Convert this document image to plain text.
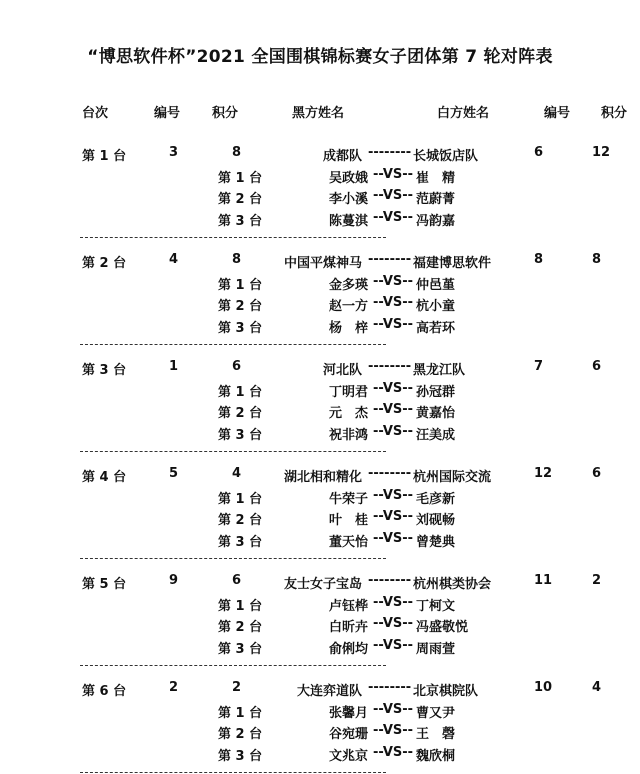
“博思软件杯”2021 全国围棋锦标赛女子团体第 7 轮对阵表
台次	编号 积分	黑方姓名	白方姓名	编号 积分
第 1 台	3	8	成都队 -------- 长城饭店队	6	12
第 1 台	吴政娥 --VS-- 崔　精
第 2 台	李小溪 --VS-- 范蔚菁
第 3 台	陈蔓淇 --VS-- 冯韵嘉
第 2 台	4	8	中国平煤神马 -------- 福建博思软件	8	8
第 1 台	金多瑛 --VS-- 仲邑堇
第 2 台	赵一方 --VS-- 杭小童
第 3 台	杨　梓 --VS-- 高若环
第 3 台	1	6	河北队 -------- 黑龙江队	7	6
第 1 台	丁明君 --VS-- 孙冠群
第 2 台	元　杰 --VS-- 黄嘉怡
第 3 台	祝非鸿 --VS-- 汪美成
第 4 台	5	4	湖北相和精化 -------- 杭州国际交流	12	6
第 1 台	牛荣子 --VS-- 毛彦新
第 2 台	叶　桂 --VS-- 刘砚畅
第 3 台	董天怡 --VS-- 曾楚典
第 5 台	9	6	友士女子宝岛 -------- 杭州棋类协会	11	2
第 1 台	卢钰桦 --VS-- 丁柯文
第 2 台	白昕卉 --VS-- 冯盛敬悦
第 3 台	俞俐均 --VS-- 周雨萱
第 6 台	2	2	大连弈道队 -------- 北京棋院队	10	4
第 1 台	张馨月 --VS-- 曹又尹
第 2 台	谷宛珊 --VS-- 王　磬
第 3 台	文兆京 --VS-- 魏欣桐
